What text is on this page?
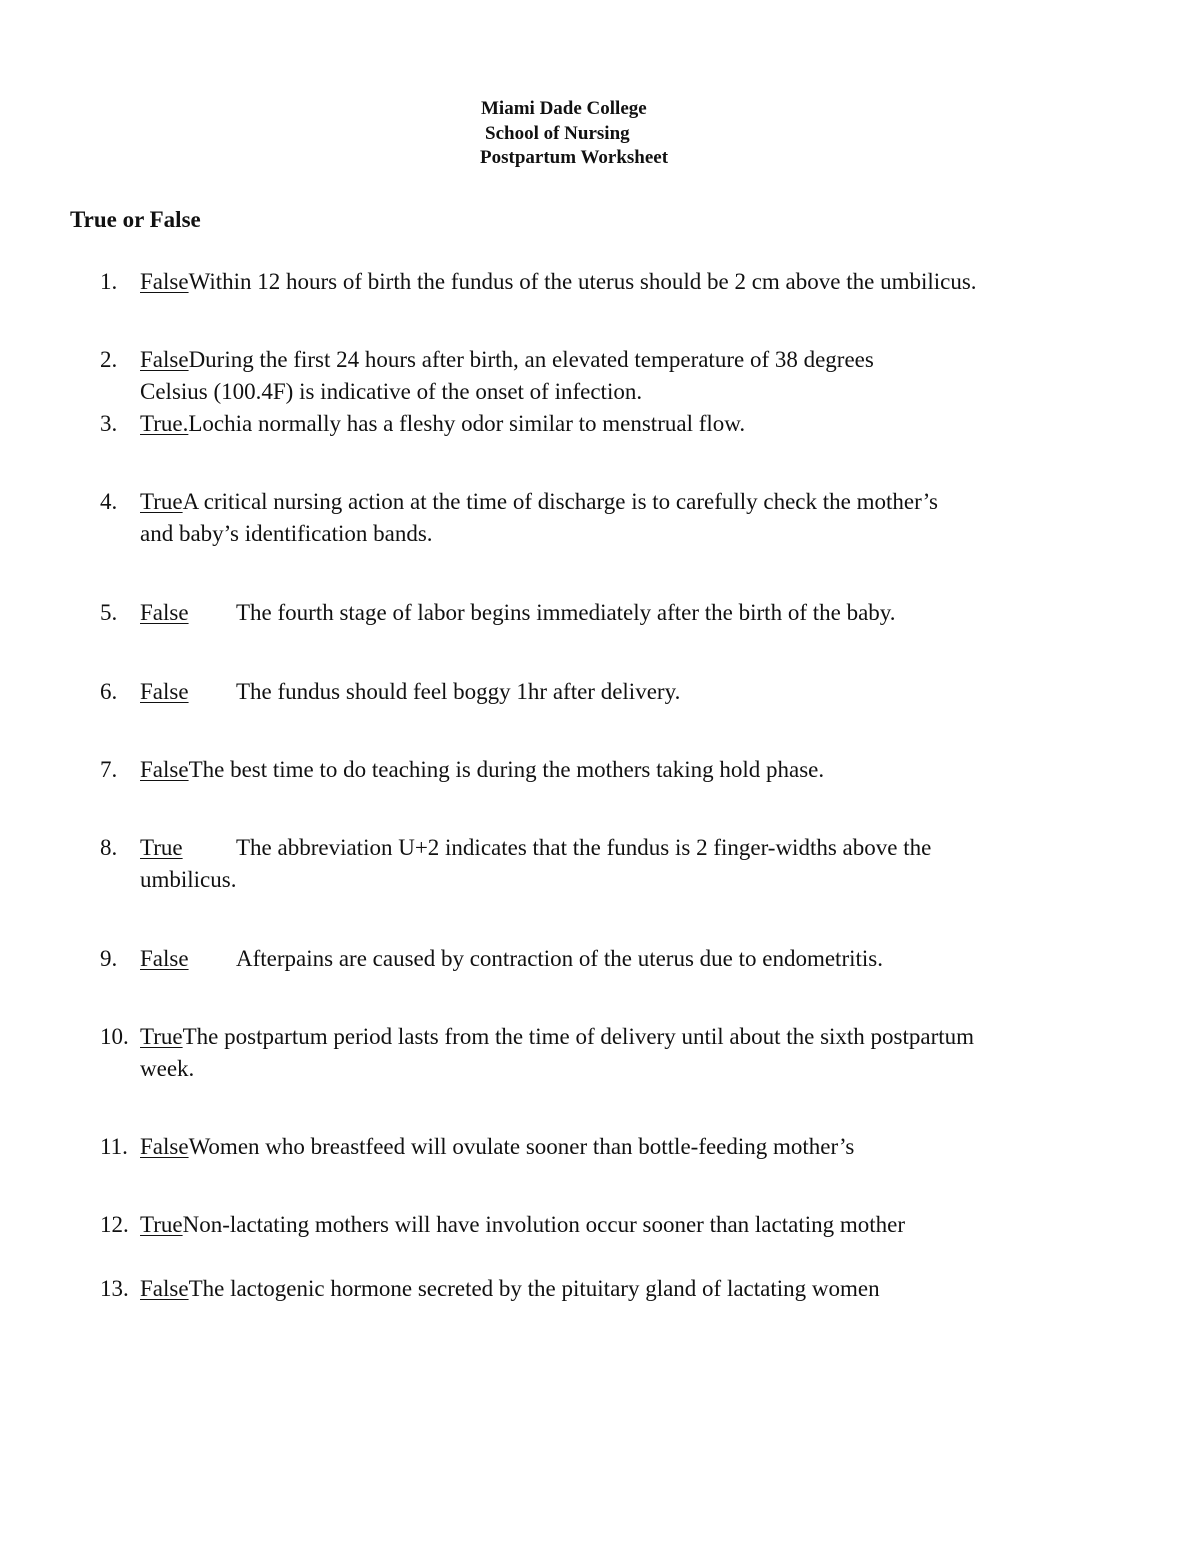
Miami Dade College
School of Nursing
Postpartum Worksheet
True or False
1. FalseWithin 12 hours of birth the fundus of the uterus should be 2 cm above the umbilicus.
2. FalseDuring the first 24 hours after birth, an elevated temperature of 38 degrees
Celsius (100.4F) is indicative of the onset of infection.
3. True.Lochia normally has a fleshy odor similar to menstrual flow.
4. TrueA critical nursing action at the time of discharge is to carefully check the mother’s
and baby’s identification bands.
5. False The fourth stage of labor begins immediately after the birth of the baby.
6. False The fundus should feel boggy 1hr after delivery.
7. FalseThe best time to do teaching is during the mothers taking hold phase.
8. True The abbreviation U+2 indicates that the fundus is 2 finger-widths above the
umbilicus.
9. False Afterpains are caused by contraction of the uterus due to endometritis.
10. TrueThe postpartum period lasts from the time of delivery until about the sixth postpartum
week.
11. FalseWomen who breastfeed will ovulate sooner than bottle-feeding mother’s
12. TrueNon-lactating mothers will have involution occur sooner than lactating mother
13. FalseThe lactogenic hormone secreted by the pituitary gland of lactating women
